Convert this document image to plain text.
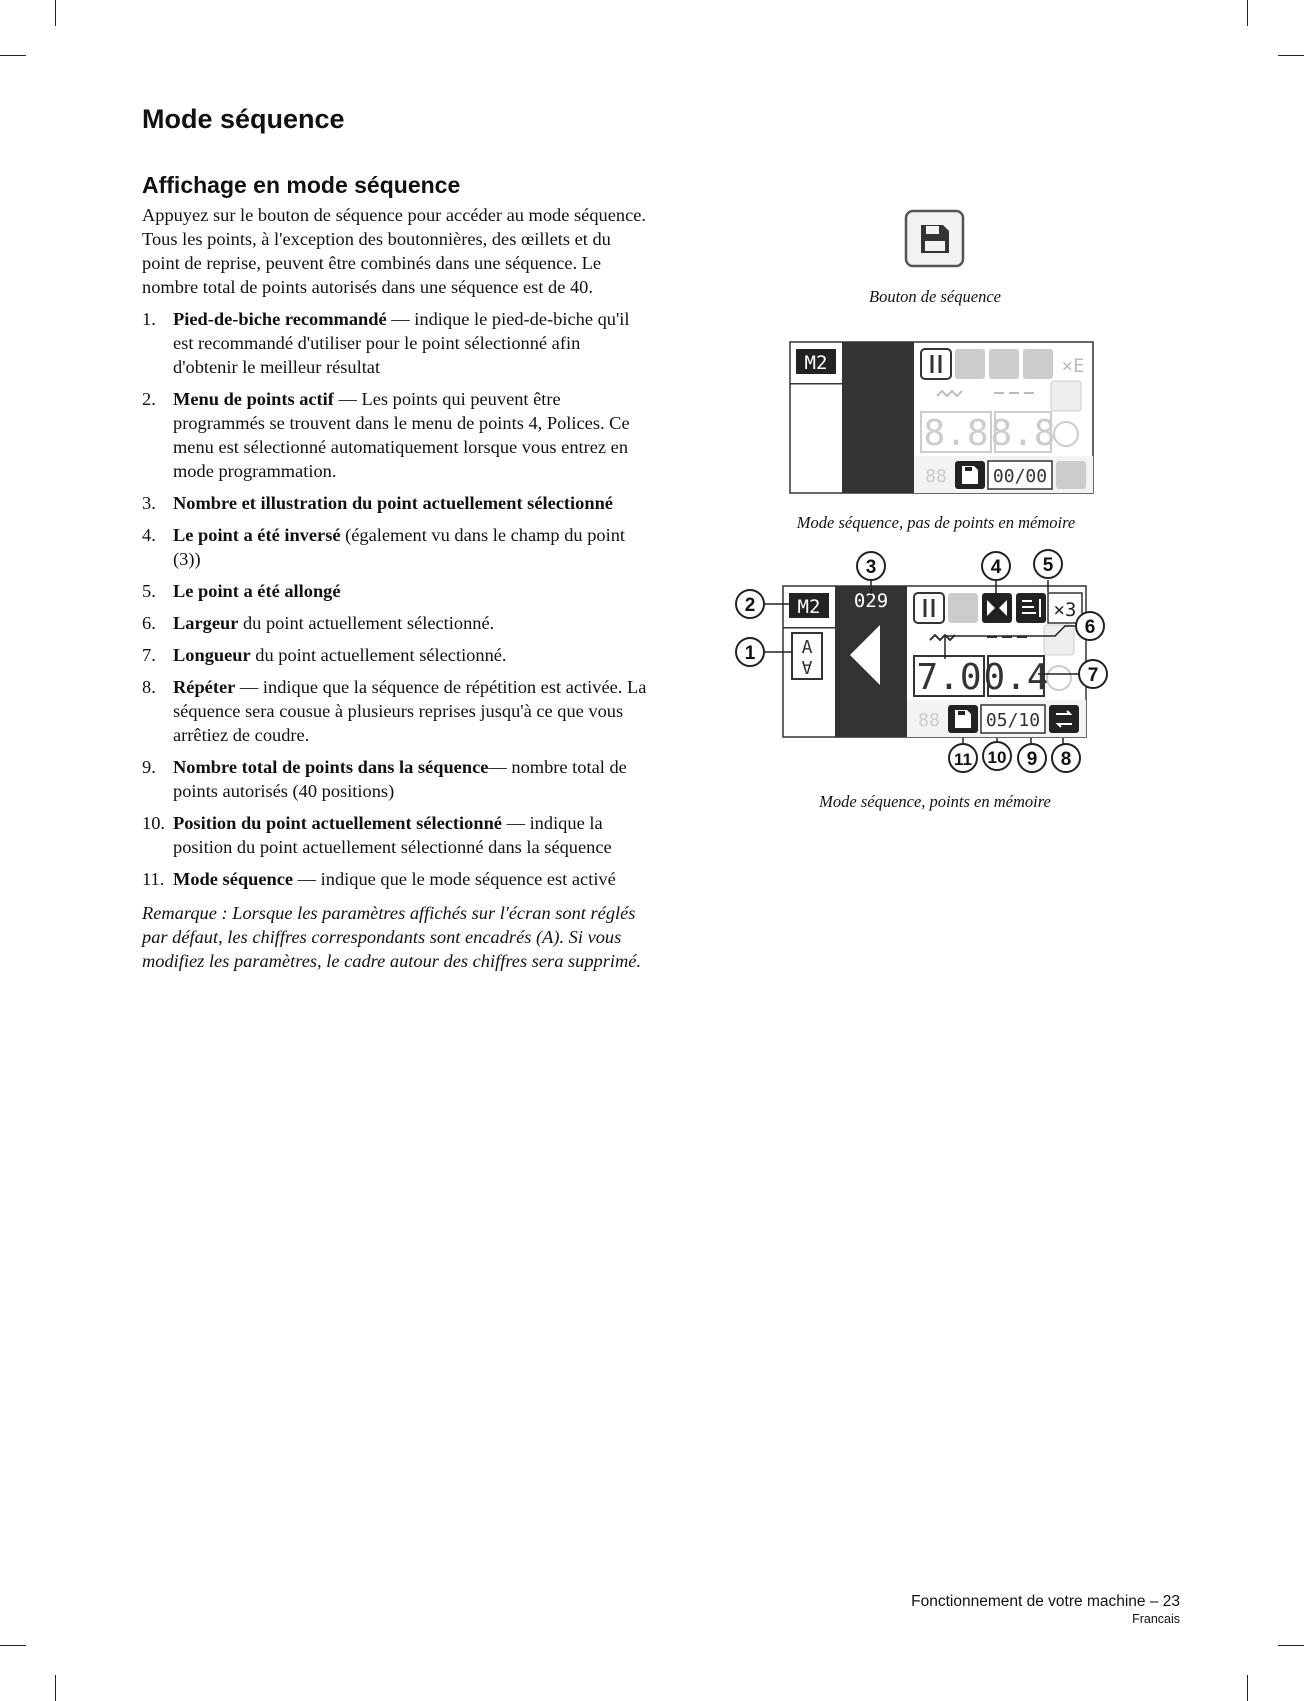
Mode séquence
Affichage en mode séquence

Appuyez sur le bouton de séquence pour accéder au mode séquence. Tous les points, à l'exception des boutonnières, des œillets et du point de reprise, peuvent être combinés dans une séquence. Le nombre total de points autorisés dans une séquence est de 40.

1. Pied-de-biche recommandé — indique le pied-de-biche qu'il est recommandé d'utiliser pour le point sélectionné afin d'obtenir le meilleur résultat
2. Menu de points actif — Les points qui peuvent être programmés se trouvent dans le menu de points 4, Polices. Ce menu est sélectionné automatiquement lorsque vous entrez en mode programmation.
3. Nombre et illustration du point actuellement sélectionné
4. Le point a été inversé (également vu dans le champ du point (3))
5. Le point a été allongé
6. Largeur du point actuellement sélectionné.
7. Longueur du point actuellement sélectionné.
8. Répéter — indique que la séquence de répétition est activée. La séquence sera cousue à plusieurs reprises jusqu'à ce que vous arrêtiez de coudre.
9. Nombre total de points dans la séquence— nombre total de points autorisés (40 positions)
10. Position du point actuellement sélectionné — indique la position du point actuellement sélectionné dans la séquence
11. Mode séquence — indique que le mode séquence est activé

Remarque : Lorsque les paramètres affichés sur l'écran sont réglés par défaut, les chiffres correspondants sont encadrés (A). Si vous modifiez les paramètres, le cadre autour des chiffres sera supprimé.

Bouton de séquence
M2	×E
8.8 8.8
88	00/00
Mode séquence, pas de points en mémoire
M2
A
A
029	×3
7.0 0.4
88	05/10
1
2
3	4 5
6
7
8
9
10
11
Mode séquence, points en mémoire
Fonctionnement de votre machine – 23
Francais
